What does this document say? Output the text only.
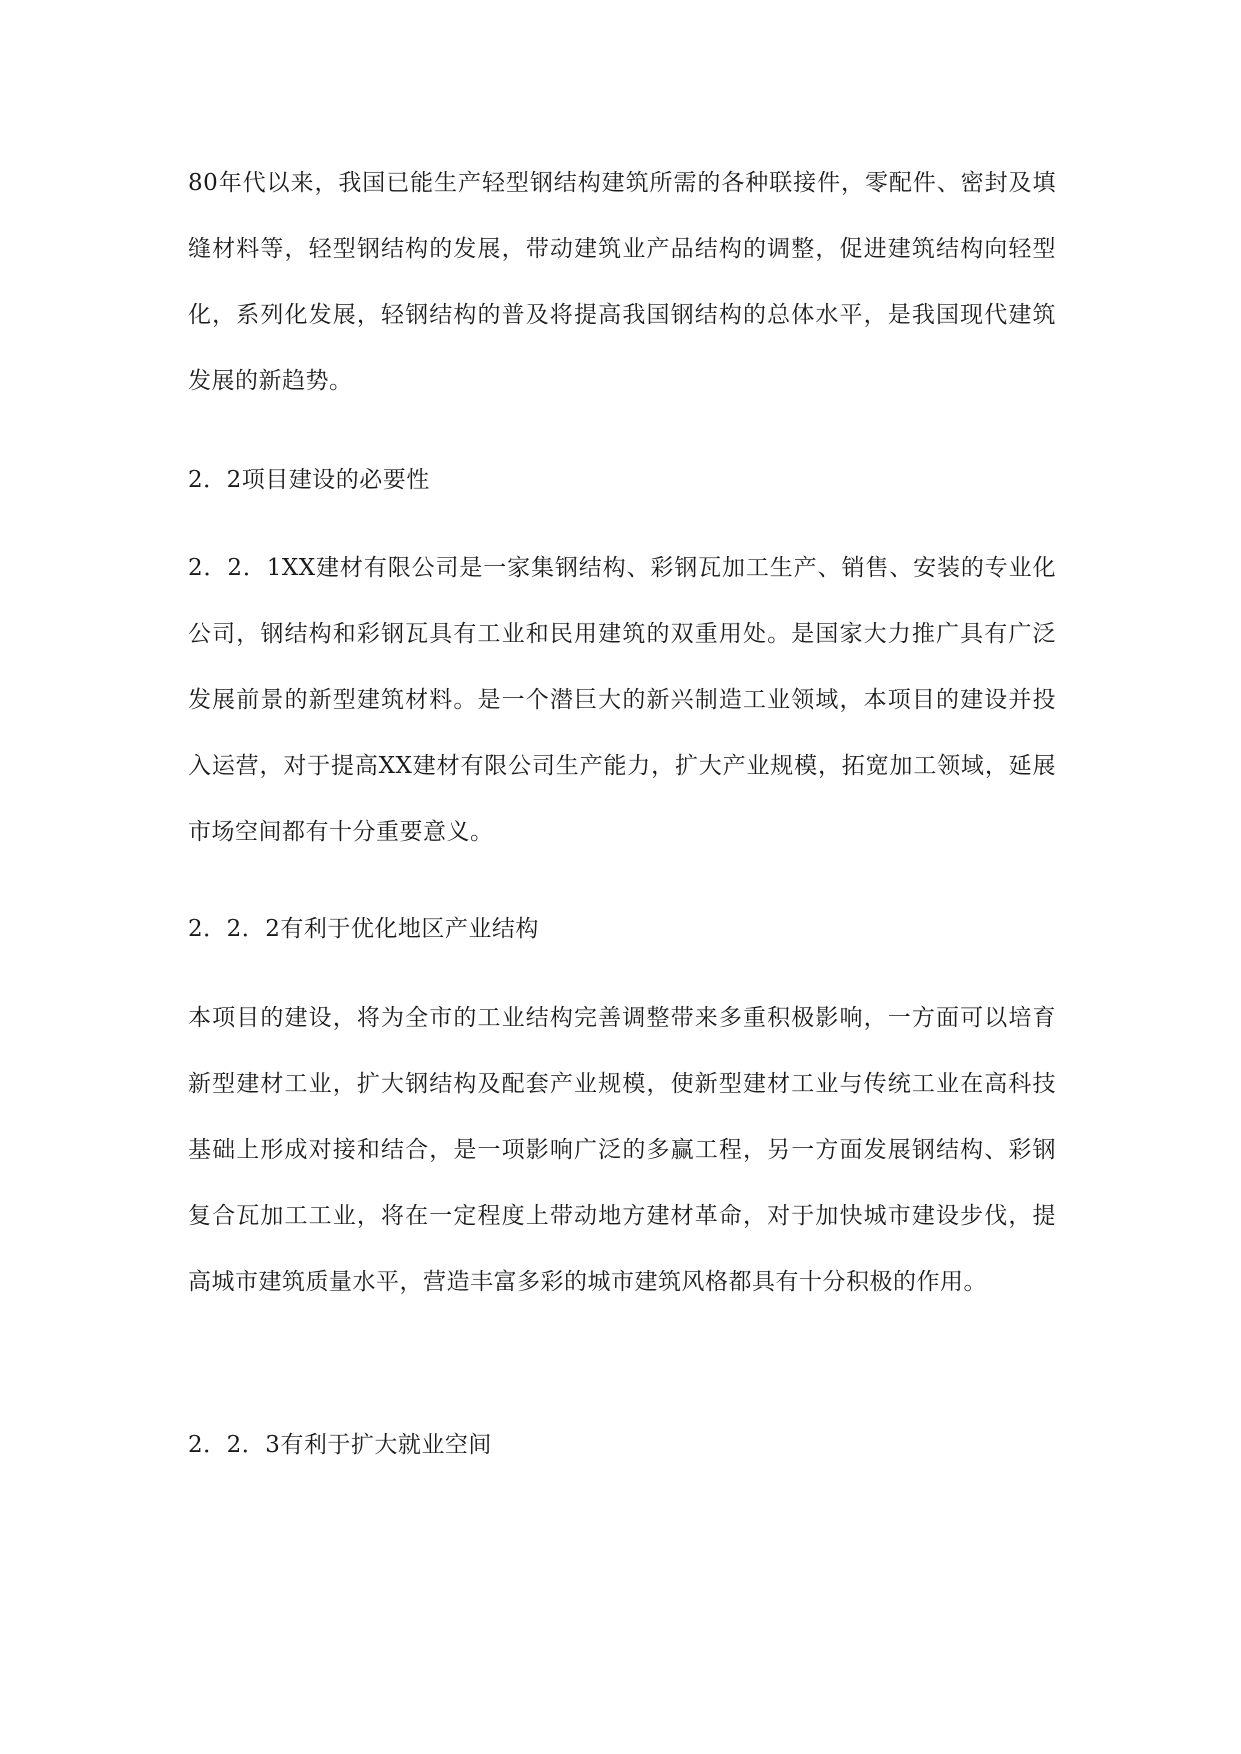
80年代以来，我国已能生产轻型钢结构建筑所需的各种联接件，零配件、密封及填缝材料等，轻型钢结构的发展，带动建筑业产品结构的调整，促进建筑结构向轻型化，系列化发展，轻钢结构的普及将提高我国钢结构的总体水平，是我国现代建筑发展的新趋势。

2．2项目建设的必要性

2．2．1XX建材有限公司是一家集钢结构、彩钢瓦加工生产、销售、安装的专业化公司，钢结构和彩钢瓦具有工业和民用建筑的双重用处。是国家大力推广具有广泛发展前景的新型建筑材料。是一个潜巨大的新兴制造工业领域，本项目的建设并投入运营，对于提高XX建材有限公司生产能力，扩大产业规模，拓宽加工领域，延展市场空间都有十分重要意义。

2．2．2有利于优化地区产业结构

本项目的建设，将为全市的工业结构完善调整带来多重积极影响，一方面可以培育新型建材工业，扩大钢结构及配套产业规模，使新型建材工业与传统工业在高科技基础上形成对接和结合，是一项影响广泛的多赢工程，另一方面发展钢结构、彩钢复合瓦加工工业，将在一定程度上带动地方建材革命，对于加快城市建设步伐，提高城市建筑质量水平，营造丰富多彩的城市建筑风格都具有十分积极的作用。

2．2．3有利于扩大就业空间
